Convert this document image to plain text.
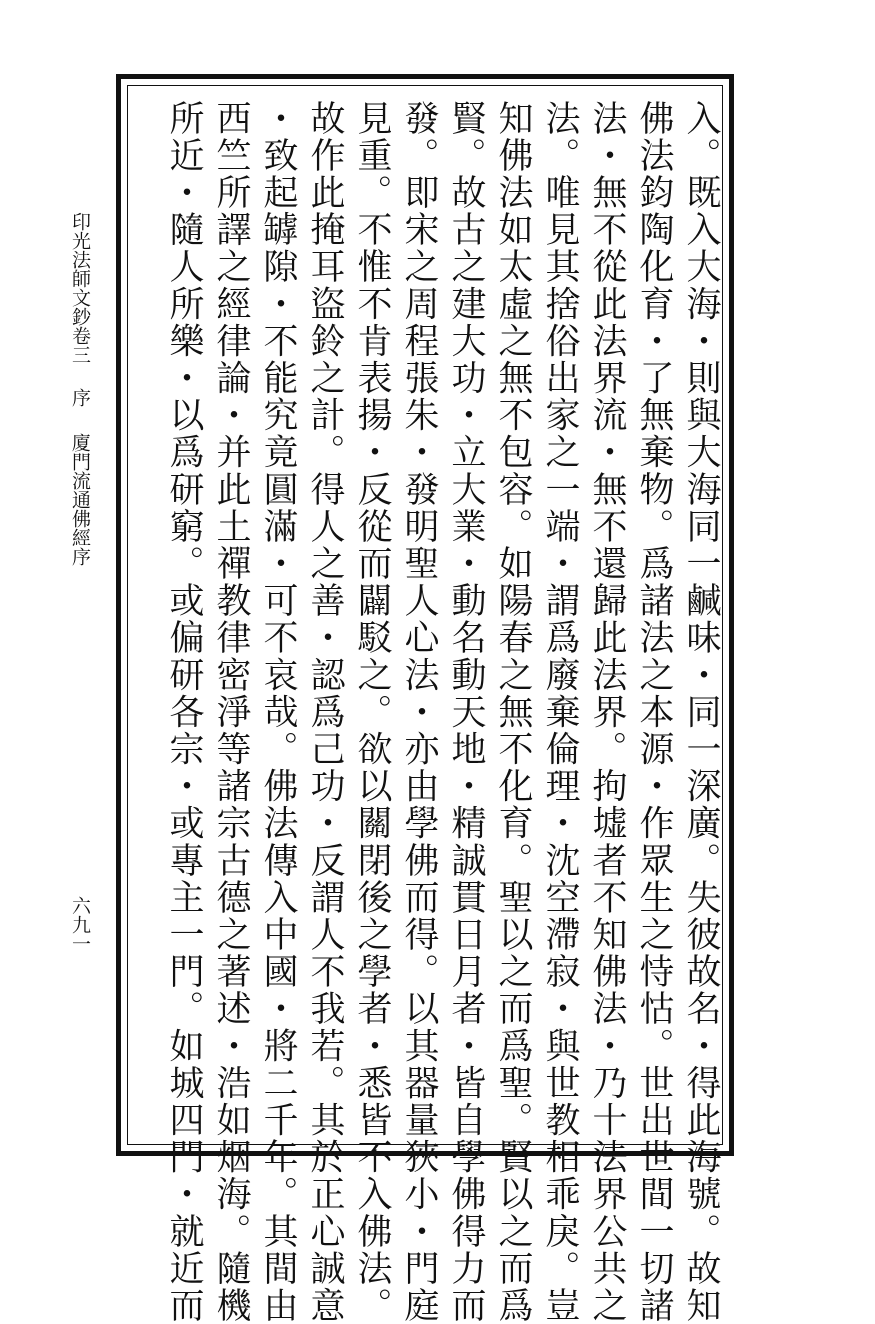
印光法師文鈔卷三序廈門流通佛經序
六九一	入。既入大海・則與大海同一鹹味・同一深廣。失彼故名・得此海號。故知
佛法鈞陶化育・了無棄物。爲諸法之本源・作眾生之恃怙。世出世間一切諸
法・無不從此法界流・無不還歸此法界。拘墟者不知佛法・乃十法界公共之
法。唯見其捨俗出家之一端・謂爲廢棄倫理・沈空滯寂・與世教相乖戾。豈
知佛法如太虛之無不包容。如陽春之無不化育。聖以之而爲聖。賢以之而爲
賢。故古之建大功・立大業・動名動天地・精誠貫日月者・皆自學佛得力而
發。即宋之周程張朱・發明聖人心法・亦由學佛而得。以其器量狹小・門庭
見重。不惟不肯表揚・反從而闢駁之。欲以關閉後之學者・悉皆不入佛法。
故作此掩耳盜鈴之計。得人之善・認爲己功・反謂人不我若。其於正心誠意
・致起罅隙・不能究竟圓滿・可不哀哉。佛法傳入中國・將二千年。其間由
西竺所譯之經律論・并此土禪教律密淨等諸宗古德之著述・浩如烟海。隨機
所近・隨人所樂・以爲研窮。或偏研各宗・或專主一門。如城四門・就近而
